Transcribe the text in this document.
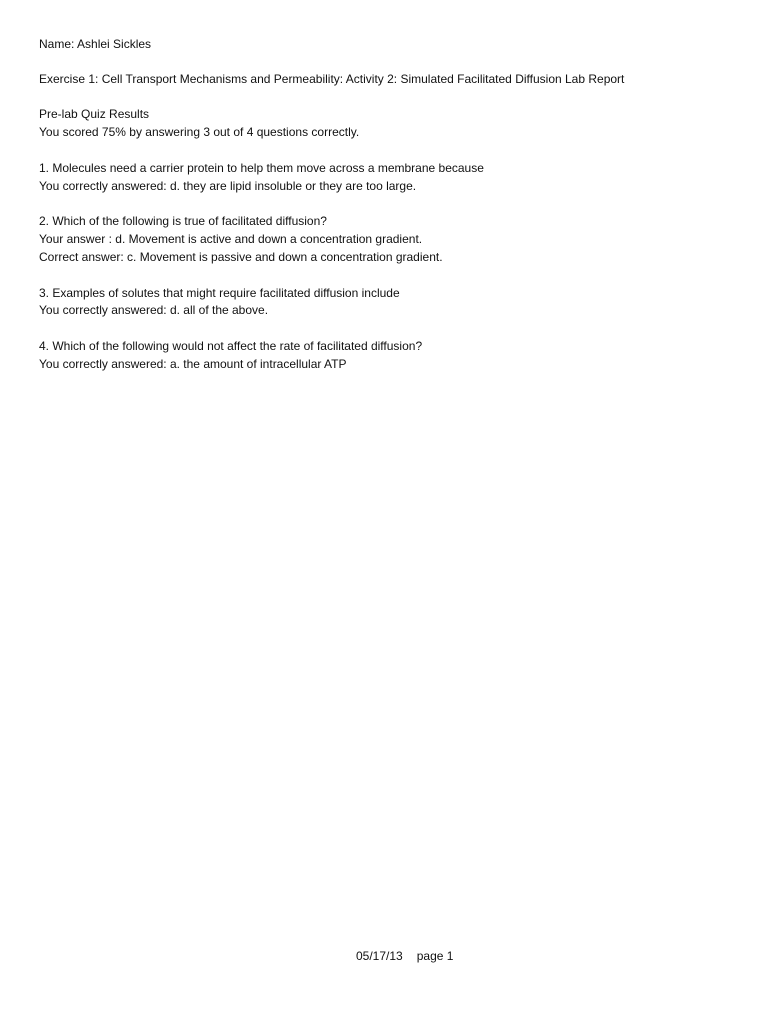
Name: Ashlei Sickles
Exercise 1: Cell Transport Mechanisms and Permeability: Activity 2: Simulated Facilitated Diffusion Lab Report
Pre-lab Quiz Results
You scored 75% by answering 3 out of 4 questions correctly.
1. Molecules need a carrier protein to help them move across a membrane because
You correctly answered: d. they are lipid insoluble or they are too large.
2. Which of the following is true of facilitated diffusion?
Your answer : d. Movement is active and down a concentration gradient.
Correct answer: c. Movement is passive and down a concentration gradient.
3. Examples of solutes that might require facilitated diffusion include
You correctly answered: d. all of the above.
4. Which of the following would not affect the rate of facilitated diffusion?
You correctly answered: a. the amount of intracellular ATP
05/17/13 page 1
